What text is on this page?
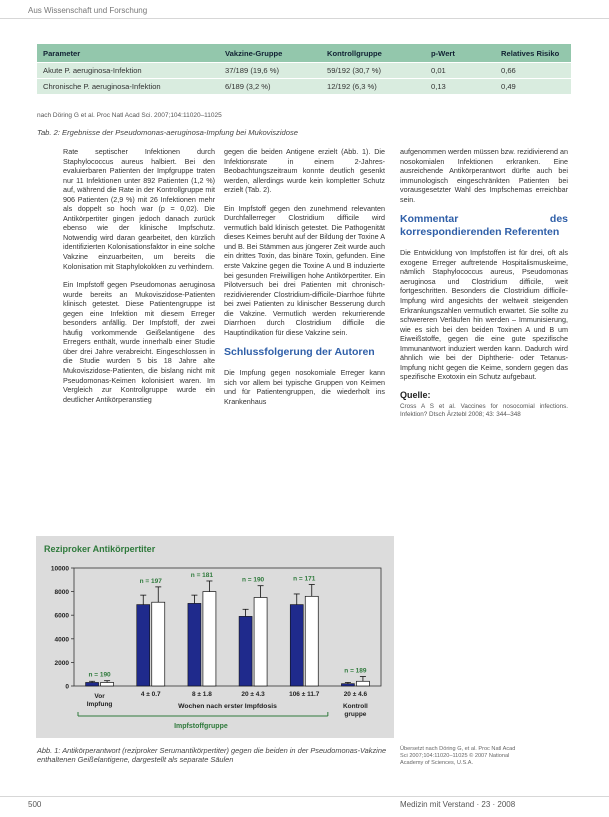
Aus Wissenschaft und Forschung
Parameter	Vakzine-Gruppe	Kontrollgruppe	p-Wert	Relatives Risiko
Akute P. aeruginosa-Infektion	37/189 (19,6 %)	59/192 (30,7 %)	0,01	0,66
Chronische P. aeruginosa-Infektion	6/189 (3,2 %)	12/192 (6,3 %)	0,13	0,49
nach Döring G et al. Proc Natl Acad Sci. 2007;104:11020–11025
Tab. 2: Ergebnisse der Pseudomonas-aeruginosa-Impfung bei Mukoviszidose

Rate septischer Infektionen durch Staphylococcus aureus halbiert. Bei den evaluierbaren Patienten der Impfgruppe traten nur 11 Infektionen unter 892 Patienten (1,2 %) auf, während die Rate in der Kontrollgruppe mit 906 Patienten (2,9 %) mit 26 Infektionen mehr als doppelt so hoch war (p = 0,02). Die Antikörpertiter gingen jedoch danach zurück ebenso wie der klinische Impfschutz. Notwendig wird daran gearbeitet, den kürzlich identifizierten Kolonisationsfaktor in eine solche Vakzine einzuarbeiten, um bereits die Kolonisation mit Staphylokokken zu verhindern.

Ein Impfstoff gegen Pseudomonas aeruginosa wurde bereits an Mukoviszidose-Patienten klinisch getestet. Diese Patientengruppe ist gegen eine Infektion mit diesem Erreger besonders anfällig. Der Impfstoff, der zwei häufig vorkommende Geißelantigene des Erregers enthält, wurde innerhalb einer Studie über drei Jahre verabreicht. Eingeschlossen in die Studie wurden 5 bis 18 Jahre alte Mukoviszidose-Patienten, die bislang nicht mit Pseudomonas-Keimen kolonisiert waren. Im Vergleich zur Kontrollgruppe wurde ein deutlicher Antikörperanstieg

gegen die beiden Antigene erzielt (Abb. 1). Die Infektionsrate in einem 2-Jahres-Beobachtungszeitraum konnte deutlich gesenkt werden, allerdings wurde kein kompletter Schutz erzielt (Tab. 2).

Ein Impfstoff gegen den zunehmend relevanten Durchfallerreger Clostridium difficile wird vermutlich bald klinisch getestet. Die Pathogenität dieses Keimes beruht auf der Bildung der Toxine A und B. Bei Stämmen aus jüngerer Zeit wurde auch ein drittes Toxin, das binäre Toxin, gefunden. Eine erste Vakzine gegen die Toxine A und B induzierte bei gesunden Freiwilligen hohe Antikörpertiter. Ein Pilotversuch bei drei Patienten mit chronisch-rezidivierender Clostridium-difficile-Diarrhoe führte bei zwei Patienten zu klinischer Besserung durch die Vakzine. Vermutlich werden rekurrierende Diarrhoen durch Clostridium difficile die Hauptindikation für diese Vakzine sein.

Schlussfolgerung der Autoren

Die Impfung gegen nosokomiale Erreger kann sich vor allem bei typische Gruppen von Keimen und für Patientengruppen, die wiederholt ins Krankenhaus

aufgenommen werden müssen bzw. rezidivierend an nosokomialen Infektionen erkranken. Eine ausreichende Antikörperantwort dürfte auch bei immunologisch eingeschränkten Patienten bei vorausgesetzter Wahl des Impfschemas erreichbar sein.

Kommentar des korrespondierenden Referenten

Die Entwicklung von Impfstoffen ist für drei, oft als exogene Erreger auftretende Hospitalismuskeime, nämlich Staphylococcus aureus, Pseudomonas aeruginosa und Clostridium difficile, weit fortgeschritten. Besonders die Clostridium difficile-Impfung wird angesichts der weltweit steigenden Erkrankungszahlen vermutlich erwartet. Sie sollte zu schwereren Verläufen hin werden – Immunisierung, wie es sich bei den beiden Toxinen A und B um Eiweißstoffe, gegen die eine gute spezifische Immunantwort induziert werden kann. Dadurch wird ähnlich wie bei der Diphtherie- oder Tetanus-Impfung nicht gegen die Keime, sondern gegen das spezifische Exotoxin ein Schutz aufgebaut.

Quelle:

Cross A S et al. Vaccines for nosocomial infections. Infektion? Dtsch Ärztebl 2008; 43: 344–348

Reziproker Antikörpertiter
10000
8000
6000
4000
2000
0
n = 190
Vor
Impfung
n = 197
4 ± 0.7
n = 181
8 ± 1.8
n = 190
20 ± 4.3
n = 171
106 ± 11.7
n = 189
20 ± 4.6
Kontroll
gruppe
Wochen nach erster Impfdosis
Impfstoffgruppe
Abb. 1: Antikörperantwort (reziproker Serumantikörpertiter) gegen die beiden in der Pseudomonas-Vakzine enthaltenen Geißelantigene, dargestellt als separate Säulen
Übersetzt nach Döring G, et al. Proc Natl Acad Sci 2007;104:11020–11025 © 2007 National Academy of Sciences, U.S.A.
500	Medizin mit Verstand · 23 · 2008
